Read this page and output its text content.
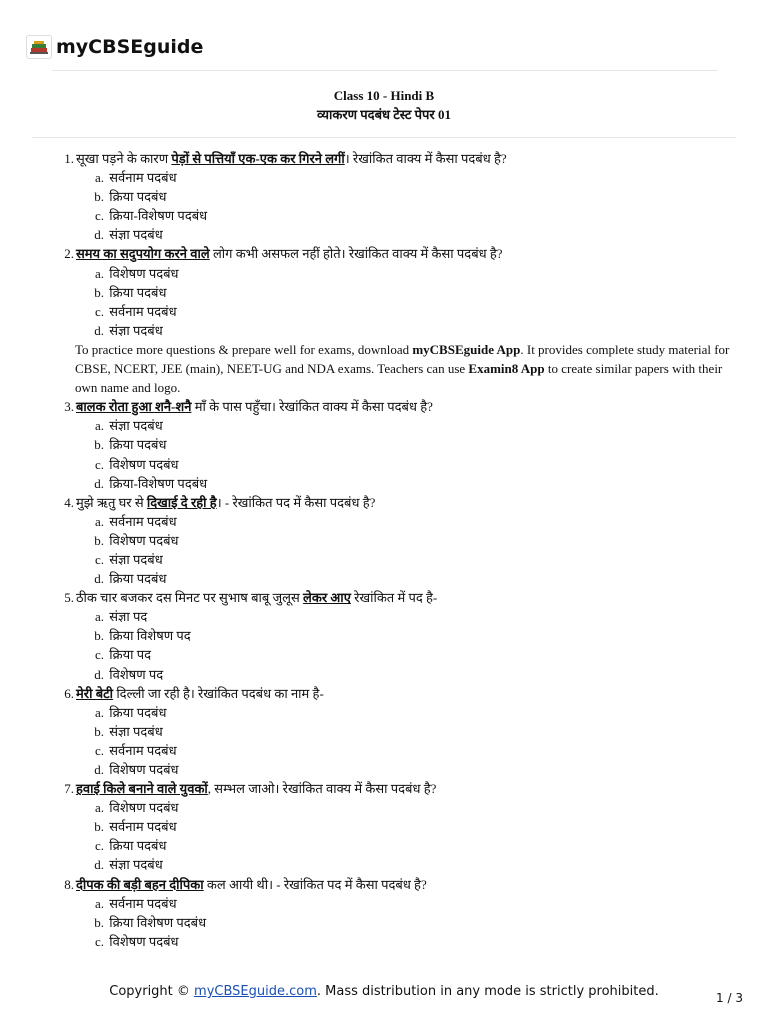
myCBSEguide
Class 10 - Hindi B
व्याकरण पदबंध टेस्ट पेपर 01
1. सूखा पड़ने के कारण पेड़ों से पत्तियाँ एक-एक कर गिरने लगीं। रेखांकित वाक्य में कैसा पदबंध है?
a. सर्वनाम पदबंध
b. क्रिया पदबंध
c. क्रिया-विशेषण पदबंध
d. संज्ञा पदबंध
2. समय का सदुपयोग करने वाले लोग कभी असफल नहीं होते। रेखांकित वाक्य में कैसा पदबंध है?
a. विशेषण पदबंध
b. क्रिया पदबंध
c. सर्वनाम पदबंध
d. संज्ञा पदबंध
To practice more questions & prepare well for exams, download myCBSEguide App. It provides complete study material for CBSE, NCERT, JEE (main), NEET-UG and NDA exams. Teachers can use Examin8 App to create similar papers with their own name and logo.
3. बालक रोता हुआ शनै-शनै माँ के पास पहुँचा। रेखांकित वाक्य में कैसा पदबंध है?
a. संज्ञा पदबंध
b. क्रिया पदबंध
c. विशेषण पदबंध
d. क्रिया-विशेषण पदबंध
4. मुझे ऋतु घर से दिखाई दे रही है। - रेखांकित पद में कैसा पदबंध है?
a. सर्वनाम पदबंध
b. विशेषण पदबंध
c. संज्ञा पदबंध
d. क्रिया पदबंध
5. ठीक चार बजकर दस मिनट पर सुभाष बाबू जुलूस लेकर आए रेखांकित में पद है-
a. संज्ञा पद
b. क्रिया विशेषण पद
c. क्रिया पद
d. विशेषण पद
6. मेरी बेटी दिल्ली जा रही है। रेखांकित पदबंध का नाम है-
a. क्रिया पदबंध
b. संज्ञा पदबंध
c. सर्वनाम पदबंध
d. विशेषण पदबंध
7. हवाई किले बनाने वाले युवकों, सम्भल जाओ। रेखांकित वाक्य में कैसा पदबंध है?
a. विशेषण पदबंध
b. सर्वनाम पदबंध
c. क्रिया पदबंध
d. संज्ञा पदबंध
8. दीपक की बड़ी बहन दीपिका कल आयी थी। - रेखांकित पद में कैसा पदबंध है?
a. सर्वनाम पदबंध
b. क्रिया विशेषण पदबंध
c. विशेषण पदबंध
Copyright © myCBSEguide.com. Mass distribution in any mode is strictly prohibited.	1 / 3
